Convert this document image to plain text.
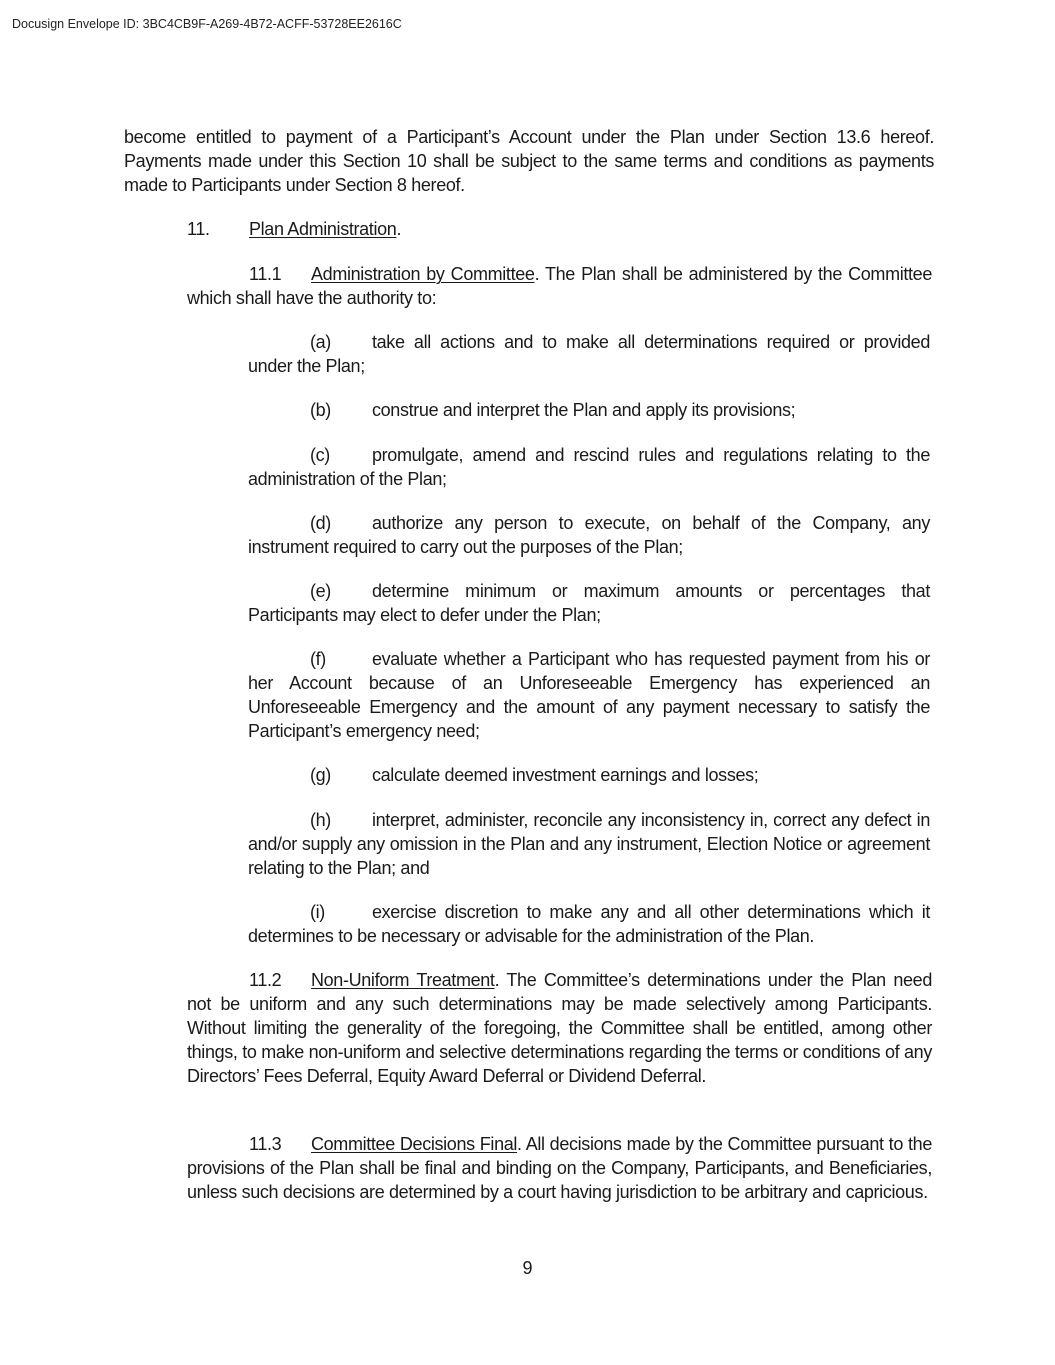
Docusign Envelope ID: 3BC4CB9F-A269-4B72-ACFF-53728EE2616C

become entitled to payment of a Participant’s Account under the Plan under Section 13.6 hereof. Payments made under this Section 10 shall be subject to the same terms and conditions as payments made to Participants under Section 8 hereof.

11. Plan Administration.

11.1 Administration by Committee. The Plan shall be administered by the Committee which shall have the authority to:

(a) take all actions and to make all determinations required or provided under the Plan;

(b) construe and interpret the Plan and apply its provisions;

(c) promulgate, amend and rescind rules and regulations relating to the administration of the Plan;

(d) authorize any person to execute, on behalf of the Company, any instrument required to carry out the purposes of the Plan;

(e) determine minimum or maximum amounts or percentages that Participants may elect to defer under the Plan;

(f)	evaluate whether a Participant who has requested payment from his or her Account because of an Unforeseeable Emergency has experienced an Unforeseeable Emergency and the amount of any payment necessary to satisfy the Participant’s emergency need;

(g) calculate deemed investment earnings and losses;

(h) interpret, administer, reconcile any inconsistency in, correct any defect in and/or supply any omission in the Plan and any instrument, Election Notice or agreement relating to the Plan; and

(i)	exercise discretion to make any and all other determinations which it determines to be necessary or advisable for the administration of the Plan.

11.2 Non-Uniform Treatment. The Committee’s determinations under the Plan need not be uniform and any such determinations may be made selectively among Participants. Without limiting the generality of the foregoing, the Committee shall be entitled, among other things, to make non-uniform and selective determinations regarding the terms or conditions of any Directors’ Fees Deferral, Equity Award Deferral or Dividend Deferral.

11.3 Committee Decisions Final. All decisions made by the Committee pursuant to the provisions of the Plan shall be final and binding on the Company, Participants, and Beneficiaries, unless such decisions are determined by a court having jurisdiction to be arbitrary and capricious.

9
